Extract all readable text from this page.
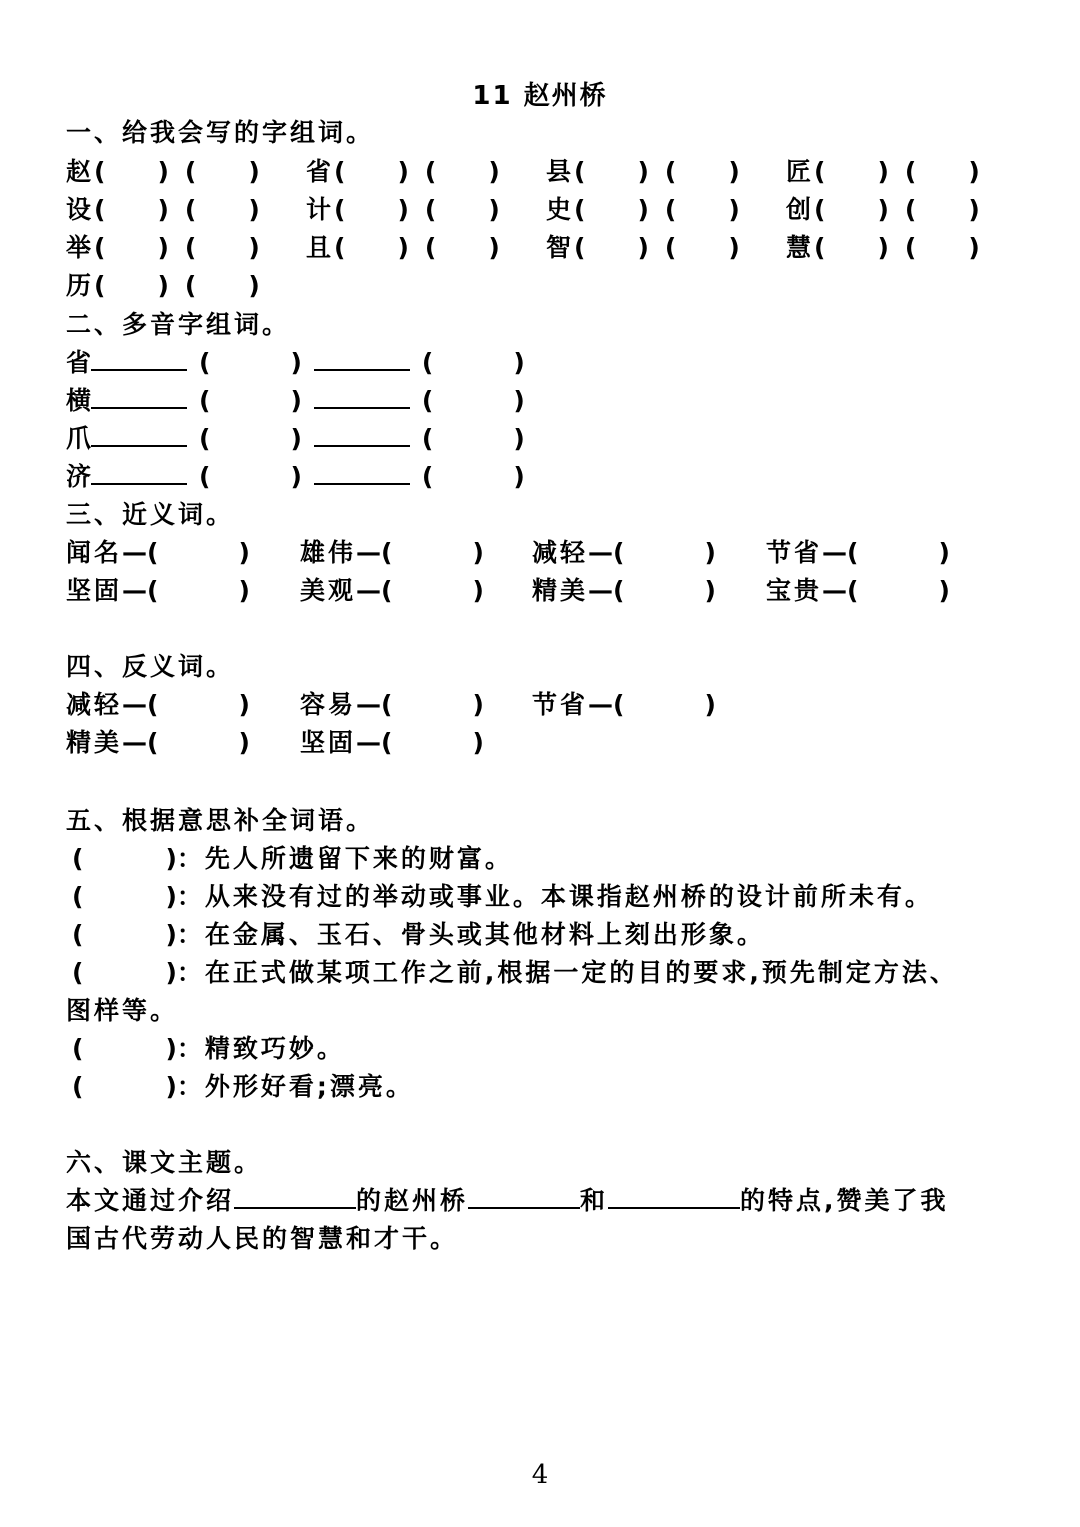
11 赵州桥
一、给我会写的字组词。
赵( ) ( ) 省( ) ( ) 县( ) ( ) 匠( ) ( )
设( ) ( ) 计( ) ( ) 史( ) ( ) 创( ) ( )
举( ) ( ) 且( ) ( ) 智( ) ( ) 慧( ) ( )
历( ) ( )
二、多音字组词。
省	(	)	(	)
横	(	)	(	)
爪	(	)	(	)
济	(	)	(	)
三、近义词。
闻名—(	) 雄伟—(	) 减轻—(	) 节省—(	)
坚固—(	) 美观—(	) 精美—(	) 宝贵—(	)
四、反义词。
减轻—(	) 容易—(	) 节省—(	)
精美—(	) 坚固—(	)
五、根据意思补全词语。
(	)：先人所遗留下来的财富。
(	)：从来没有过的举动或事业。本课指赵州桥的设计前所未有。
(	)：在金属、玉石、骨头或其他材料上刻出形象。
(	)：在正式做某项工作之前,根据一定的目的要求,预先制定方法、
(	)：精致巧妙。
(	)：外形好看;漂亮。
图样等。
六、课文主题。
本文通过介绍	的赵州桥	和	的特点,赞美了我
国古代劳动人民的智慧和才干。
4
